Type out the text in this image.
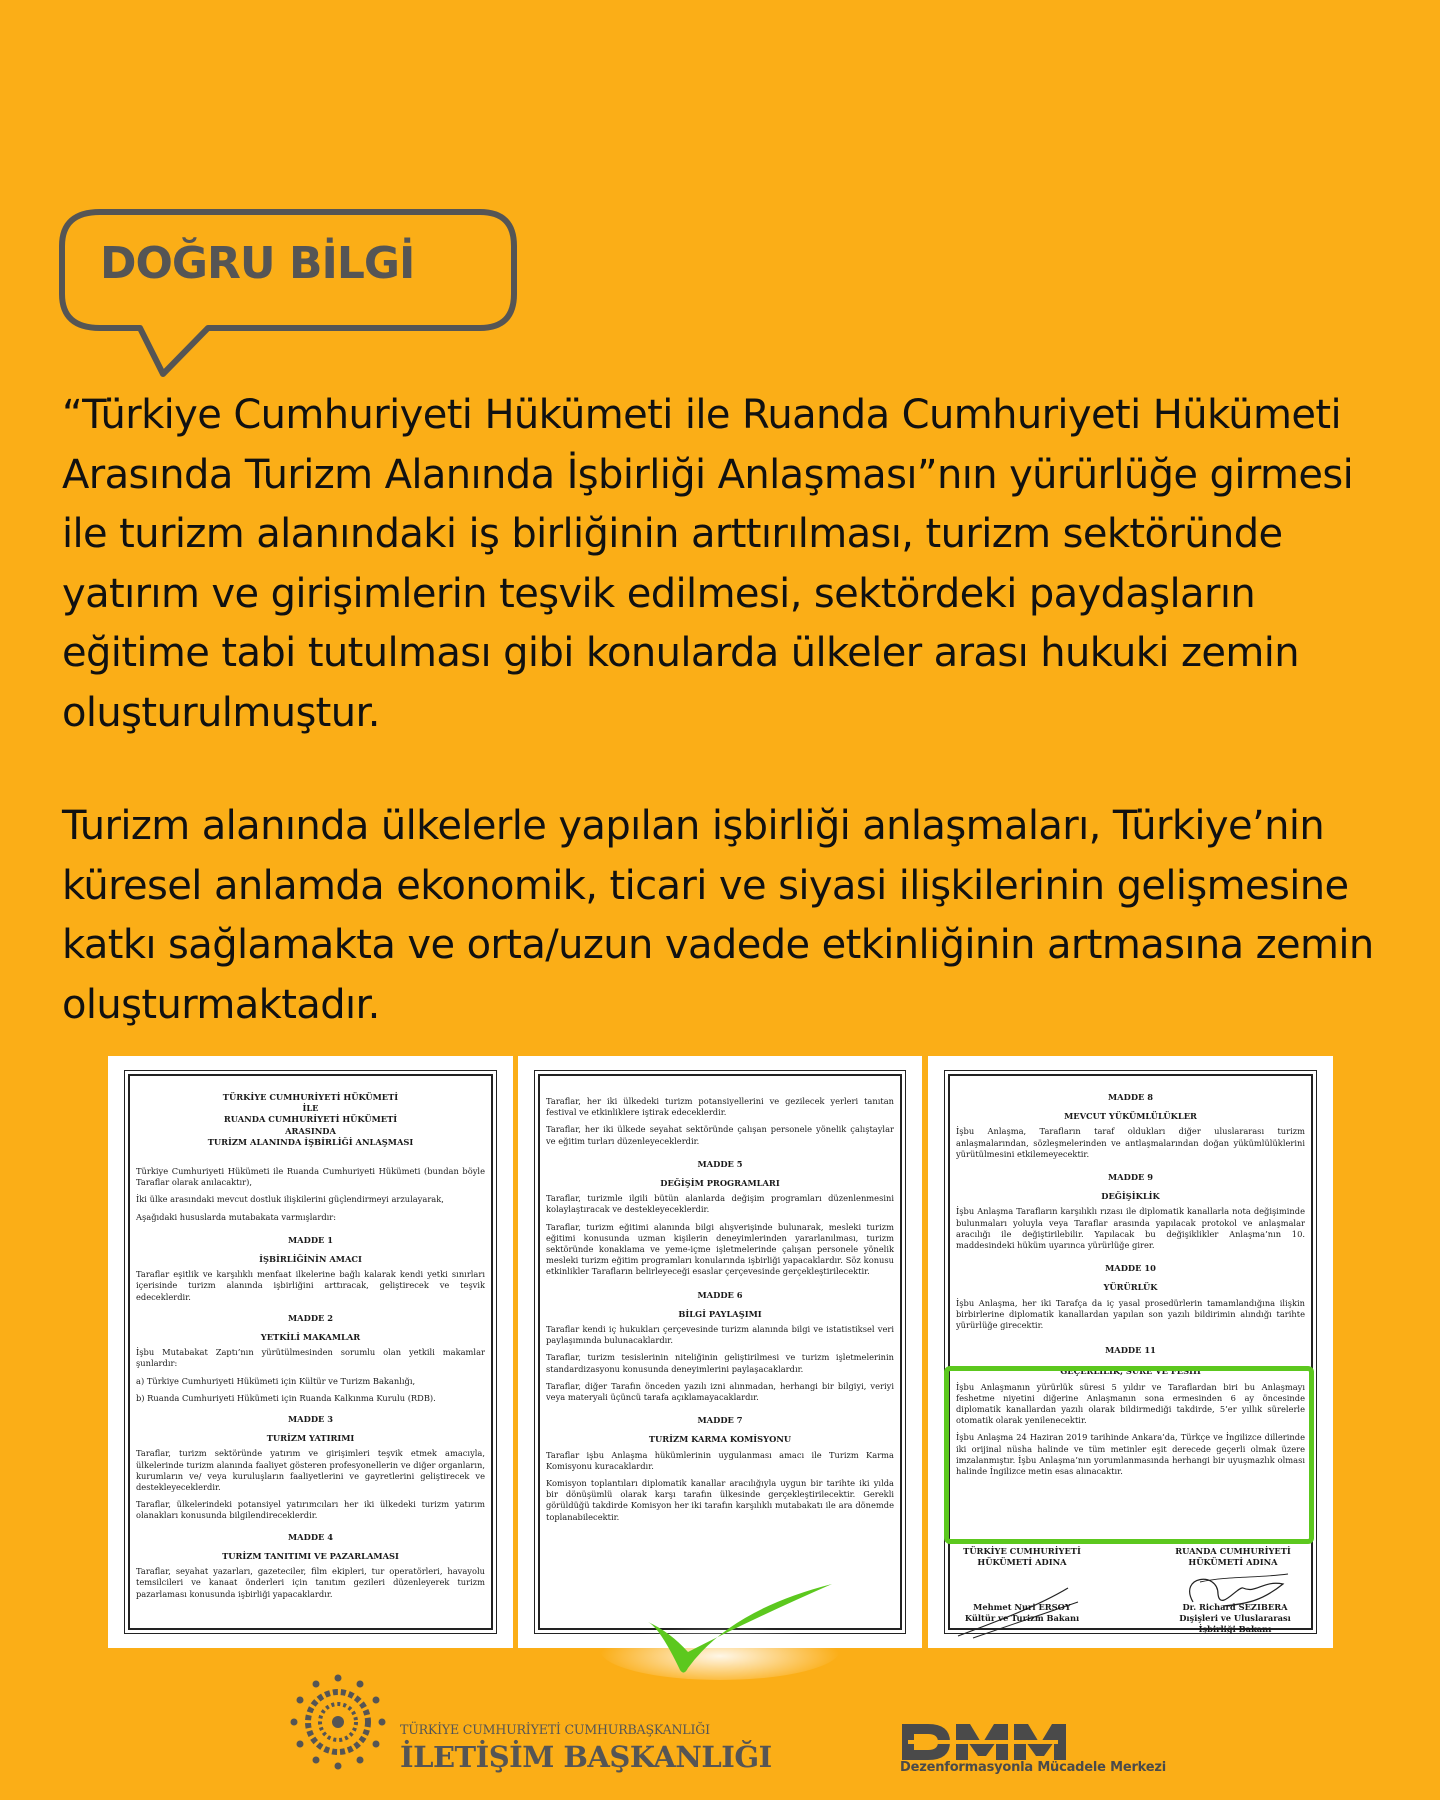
DOĞRU BİLGİ

“Türkiye Cumhuriyeti Hükümeti ile Ruanda Cumhuriyeti Hükümeti Arasında Turizm Alanında İşbirliği Anlaşması”nın yürürlüğe girmesi ile turizm alanındaki iş birliğinin arttırılması, turizm sektöründe yatırım ve girişimlerin teşvik edilmesi, sektördeki paydaşların eğitime tabi tutulması gibi konularda ülkeler arası hukuki zemin oluşturulmuştur.

Turizm alanında ülkelerle yapılan işbirliği anlaşmaları, Türkiye’nin küresel anlamda ekonomik, ticari ve siyasi ilişkilerinin gelişmesine katkı sağlamakta ve orta/uzun vadede etkinliğinin artmasına zemin oluşturmaktadır.

TÜRKİYE CUMHURİYETİ HÜKÜMETİ
İLE
RUANDA CUMHURİYETİ HÜKÜMETİ
ARASINDA
TURİZM ALANINDA İŞBİRLİĞİ ANLAŞMASI

Türkiye Cumhuriyeti Hükümeti ile Ruanda Cumhuriyeti Hükümeti (bundan böyle Taraflar olarak anılacaktır),

İki ülke arasındaki mevcut dostluk ilişkilerini güçlendirmeyi arzulayarak,

Aşağıdaki hususlarda mutabakata varmışlardır:

MADDE 1

İŞBİRLİĞİNİN AMACI

Taraflar eşitlik ve karşılıklı menfaat ilkelerine bağlı kalarak kendi yetki sınırları içerisinde turizm alanında işbirliğini arttıracak, geliştirecek ve teşvik edeceklerdir.

MADDE 2

YETKİLİ MAKAMLAR

İşbu Mutabakat Zaptı’nın yürütülmesinden sorumlu olan yetkili makamlar şunlardır:

a) Türkiye Cumhuriyeti Hükümeti için Kültür ve Turizm Bakanlığı,

b) Ruanda Cumhuriyeti Hükümeti için Ruanda Kalkınma Kurulu (RDB).

MADDE 3

TURİZM YATIRIMI

Taraflar, turizm sektöründe yatırım ve girişimleri teşvik etmek amacıyla, ülkelerinde turizm alanında faaliyet gösteren profesyonellerin ve diğer organların, kurumların ve/ veya kuruluşların faaliyetlerini ve gayretlerini geliştirecek ve destekleyeceklerdir.

Taraflar, ülkelerindeki potansiyel yatırımcıları her iki ülkedeki turizm yatırım olanakları konusunda bilgilendireceklerdir.

MADDE 4

TURİZM TANITIMI VE PAZARLAMASI

Taraflar, seyahat yazarları, gazeteciler, film ekipleri, tur operatörleri, havayolu temsilcileri ve kanaat önderleri için tanıtım gezileri düzenleyerek turizm pazarlaması konusunda işbirliği yapacaklardır.

Taraflar, her iki ülkedeki turizm potansiyellerini ve gezilecek yerleri tanıtan festival ve etkinliklere iştirak edeceklerdir.

Taraflar, her iki ülkede seyahat sektöründe çalışan personele yönelik çalıştaylar ve eğitim turları düzenleyeceklerdir.

MADDE 5

DEĞİŞİM PROGRAMLARI

Taraflar, turizmle ilgili bütün alanlarda değişim programları düzenlenmesini kolaylaştıracak ve destekleyeceklerdir.

Taraflar, turizm eğitimi alanında bilgi alışverişinde bulunarak, mesleki turizm eğitimi konusunda uzman kişilerin deneyimlerinden yararlanılması, turizm sektöründe konaklama ve yeme-içme işletmelerinde çalışan personele yönelik mesleki turizm eğitim programları konularında işbirliği yapacaklardır. Söz konusu etkinlikler Tarafların belirleyeceği esaslar çerçevesinde gerçekleştirilecektir.

MADDE 6

BİLGİ PAYLAŞIMI

Taraflar kendi iç hukukları çerçevesinde turizm alanında bilgi ve istatistiksel veri paylaşımında bulunacaklardır.

Taraflar, turizm tesislerinin niteliğinin geliştirilmesi ve turizm işletmelerinin standardizasyonu konusunda deneyimlerini paylaşacaklardır.

Taraflar, diğer Tarafın önceden yazılı izni alınmadan, herhangi bir bilgiyi, veriyi veya materyali üçüncü tarafa açıklamayacaklardır.

MADDE 7

TURİZM KARMA KOMİSYONU

Taraflar işbu Anlaşma hükümlerinin uygulanması amacı ile Turizm Karma Komisyonu kuracaklardır.

Komisyon toplantıları diplomatik kanallar aracılığıyla uygun bir tarihte iki yılda bir dönüşümlü olarak karşı tarafın ülkesinde gerçekleştirilecektir. Gerekli görüldüğü takdirde Komisyon her iki tarafın karşılıklı mutabakatı ile ara dönemde toplanabilecektir.

MADDE 8

MEVCUT YÜKÜMLÜLÜKLER

İşbu Anlaşma, Tarafların taraf oldukları diğer uluslararası turizm anlaşmalarından, sözleşmelerinden ve antlaşmalarından doğan yükümlülüklerini yürütülmesini etkilemeyecektir.

MADDE 9

DEĞİŞİKLİK

İşbu Anlaşma Tarafların karşılıklı rızası ile diplomatik kanallarla nota değişiminde bulunmaları yoluyla veya Taraflar arasında yapılacak protokol ve anlaşmalar aracılığı ile değiştirilebilir. Yapılacak bu değişiklikler Anlaşma’nın 10. maddesindeki hüküm uyarınca yürürlüğe girer.

MADDE 10

YÜRÜRLÜK

İşbu Anlaşma, her iki Tarafça da iç yasal prosedürlerin tamamlandığına ilişkin birbirlerine diplomatik kanallardan yapılan son yazılı bildirimin alındığı tarihte yürürlüğe girecektir.

MADDE 11

GEÇERLİLİK, SÜRE VE FESİH

İşbu Anlaşmanın yürürlük süresi 5 yıldır ve Taraflardan biri bu Anlaşmayı feshetme niyetini diğerine Anlaşmanın sona ermesinden 6 ay öncesinde diplomatik kanallardan yazılı olarak bildirmediği takdirde, 5’er yıllık sürelerle otomatik olarak yenilenecektir.

İşbu Anlaşma 24 Haziran 2019 tarihinde Ankara’da, Türkçe ve İngilizce dillerinde iki orijinal nüsha halinde ve tüm metinler eşit derecede geçerli olmak üzere imzalanmıştır. İşbu Anlaşma’nın yorumlanmasında herhangi bir uyuşmazlık olması halinde İngilizce metin esas alınacaktır.

TÜRKİYE CUMHURİYETİ
HÜKÜMETİ ADINA
RUANDA CUMHURİYETİ
HÜKÜMETİ ADINA
Mehmet Nuri ERSOY
Kültür ve Turizm Bakanı
Dr. Richard SEZIBERA
Dışişleri ve Uluslararası
İşbirliği Bakanı
TÜRKİYE CUMHURİYETİ CUMHURBAŞKANLIĞI
İLETİŞİM BAŞKANLIĞI	Dezenformasyonla Mücadele Merkezi
